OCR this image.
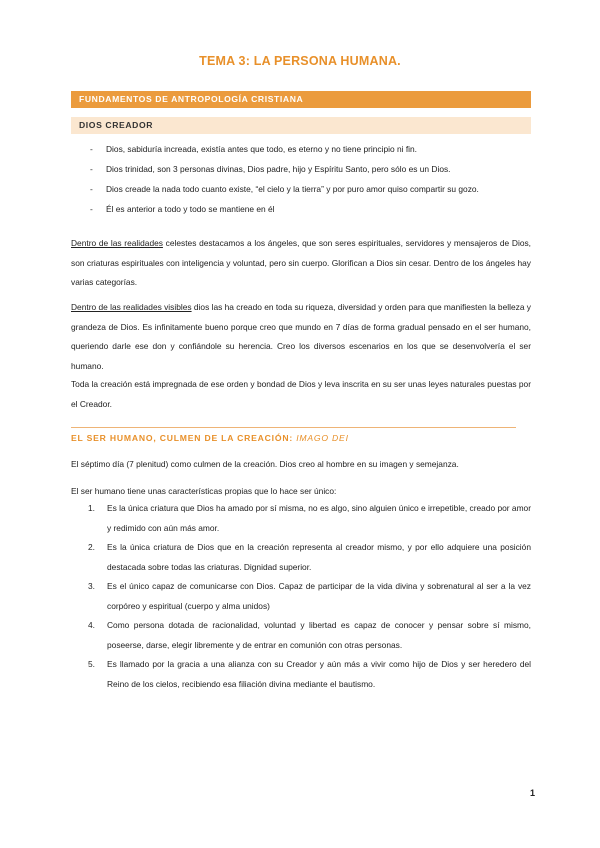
TEMA 3: LA PERSONA HUMANA.
FUNDAMENTOS DE ANTROPOLOGÍA CRISTIANA
DIOS CREADOR
- Dios, sabiduría increada, existía antes que todo, es eterno y no tiene principio ni fin.
- Dios trinidad, son 3 personas divinas, Dios padre, hijo y Espíritu Santo, pero sólo es un Dios.
- Dios creade la nada todo cuanto existe, “el cielo y la tierra” y por puro amor quiso compartir su gozo.
- Él es anterior a todo y todo se mantiene en él

Dentro de las realidades celestes destacamos a los ángeles, que son seres espirituales, servidores y mensajeros de Dios, son criaturas espirituales con inteligencia y voluntad, pero sin cuerpo. Glorifican a Dios sin cesar. Dentro de los ángeles hay varias categorías.

Dentro de las realidades visibles dios las ha creado en toda su riqueza, diversidad y orden para que manifiesten la belleza y grandeza de Dios. Es infinitamente bueno porque creo que mundo en 7 días de forma gradual pensado en el ser humano, queriendo darle ese don y confiándole su herencia. Creo los diversos escenarios en los que se desenvolvería el ser humano.

Toda la creación está impregnada de ese orden y bondad de Dios y leva inscrita en su ser unas leyes naturales puestas por el Creador.

EL SER HUMANO, CULMEN DE LA CREACIÓN: IMAGO DEI

El séptimo día (7 plenitud) como culmen de la creación. Dios creo al hombre en su imagen y semejanza.

El ser humano tiene unas características propias que lo hace ser único:

1. Es la única criatura que Dios ha amado por sí misma, no es algo, sino alguien único e irrepetible, creado por amor y redimido con aún más amor.
2. Es la única criatura de Dios que en la creación representa al creador mismo, y por ello adquiere una posición destacada sobre todas las criaturas. Dignidad superior.
3. Es el único capaz de comunicarse con Dios. Capaz de participar de la vida divina y sobrenatural al ser a la vez corpóreo y espiritual (cuerpo y alma unidos)
4. Como persona dotada de racionalidad, voluntad y libertad es capaz de conocer y pensar sobre sí mismo, poseerse, darse, elegir libremente y de entrar en comunión con otras personas.
5. Es llamado por la gracia a una alianza con su Creador y aún más a vivir como hijo de Dios y ser heredero del Reino de los cielos, recibiendo esa filiación divina mediante el bautismo.
1
